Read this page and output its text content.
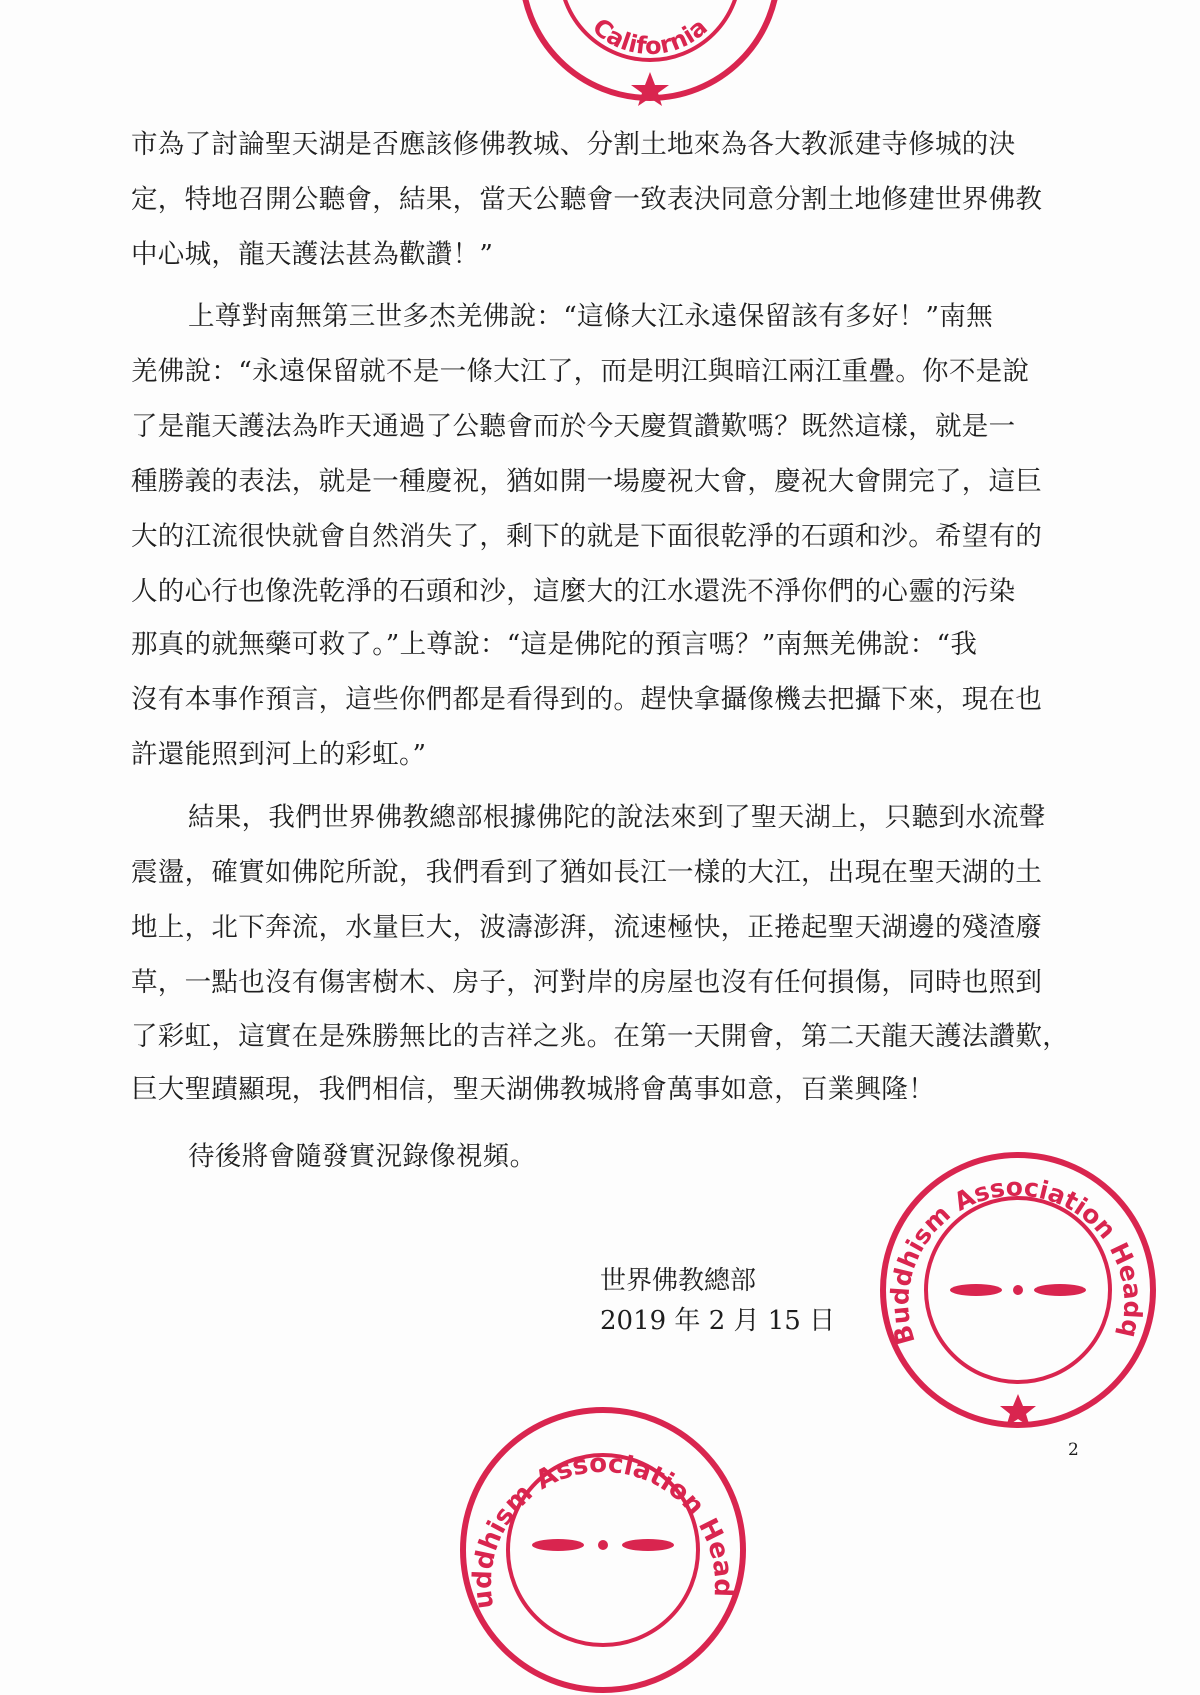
California
市為了討論聖天湖是否應該修佛教城、分割土地來為各大教派建寺修城的決
定，特地召開公聽會，結果，當天公聽會一致表決同意分割土地修建世界佛教
中心城，龍天護法甚為歡讚！”
上尊對南無第三世多杰羌佛說：“這條大江永遠保留該有多好！”南無
羌佛說：“永遠保留就不是一條大江了，而是明江與暗江兩江重疊。你不是說
了是龍天護法為昨天通過了公聽會而於今天慶賀讚歎嗎？既然這樣，就是一
種勝義的表法，就是一種慶祝，猶如開一場慶祝大會，慶祝大會開完了，這巨
大的江流很快就會自然消失了，剩下的就是下面很乾淨的石頭和沙。希望有的
人的心行也像洗乾淨的石頭和沙，這麼大的江水還洗不淨你們的心靈的污染
那真的就無藥可救了。”上尊說：“這是佛陀的預言嗎？”南無羌佛說：“我
沒有本事作預言，這些你們都是看得到的。趕快拿攝像機去把攝下來，現在也
許還能照到河上的彩虹。”
結果，我們世界佛教總部根據佛陀的說法來到了聖天湖上，只聽到水流聲
震盪，確實如佛陀所說，我們看到了猶如長江一樣的大江，出現在聖天湖的土
地上，北下奔流，水量巨大，波濤澎湃，流速極快，正捲起聖天湖邊的殘渣廢
草，一點也沒有傷害樹木、房子，河對岸的房屋也沒有任何損傷，同時也照到
了彩虹，這實在是殊勝無比的吉祥之兆。在第一天開會，第二天龍天護法讚歎，
巨大聖蹟顯現，我們相信，聖天湖佛教城將會萬事如意，百業興隆！
待後將會隨發實況錄像視頻。
世界佛教總部
2019 年 2 月 15 日
2
World Buddhism Association Headquarters
World Buddhism Association Headquarters
